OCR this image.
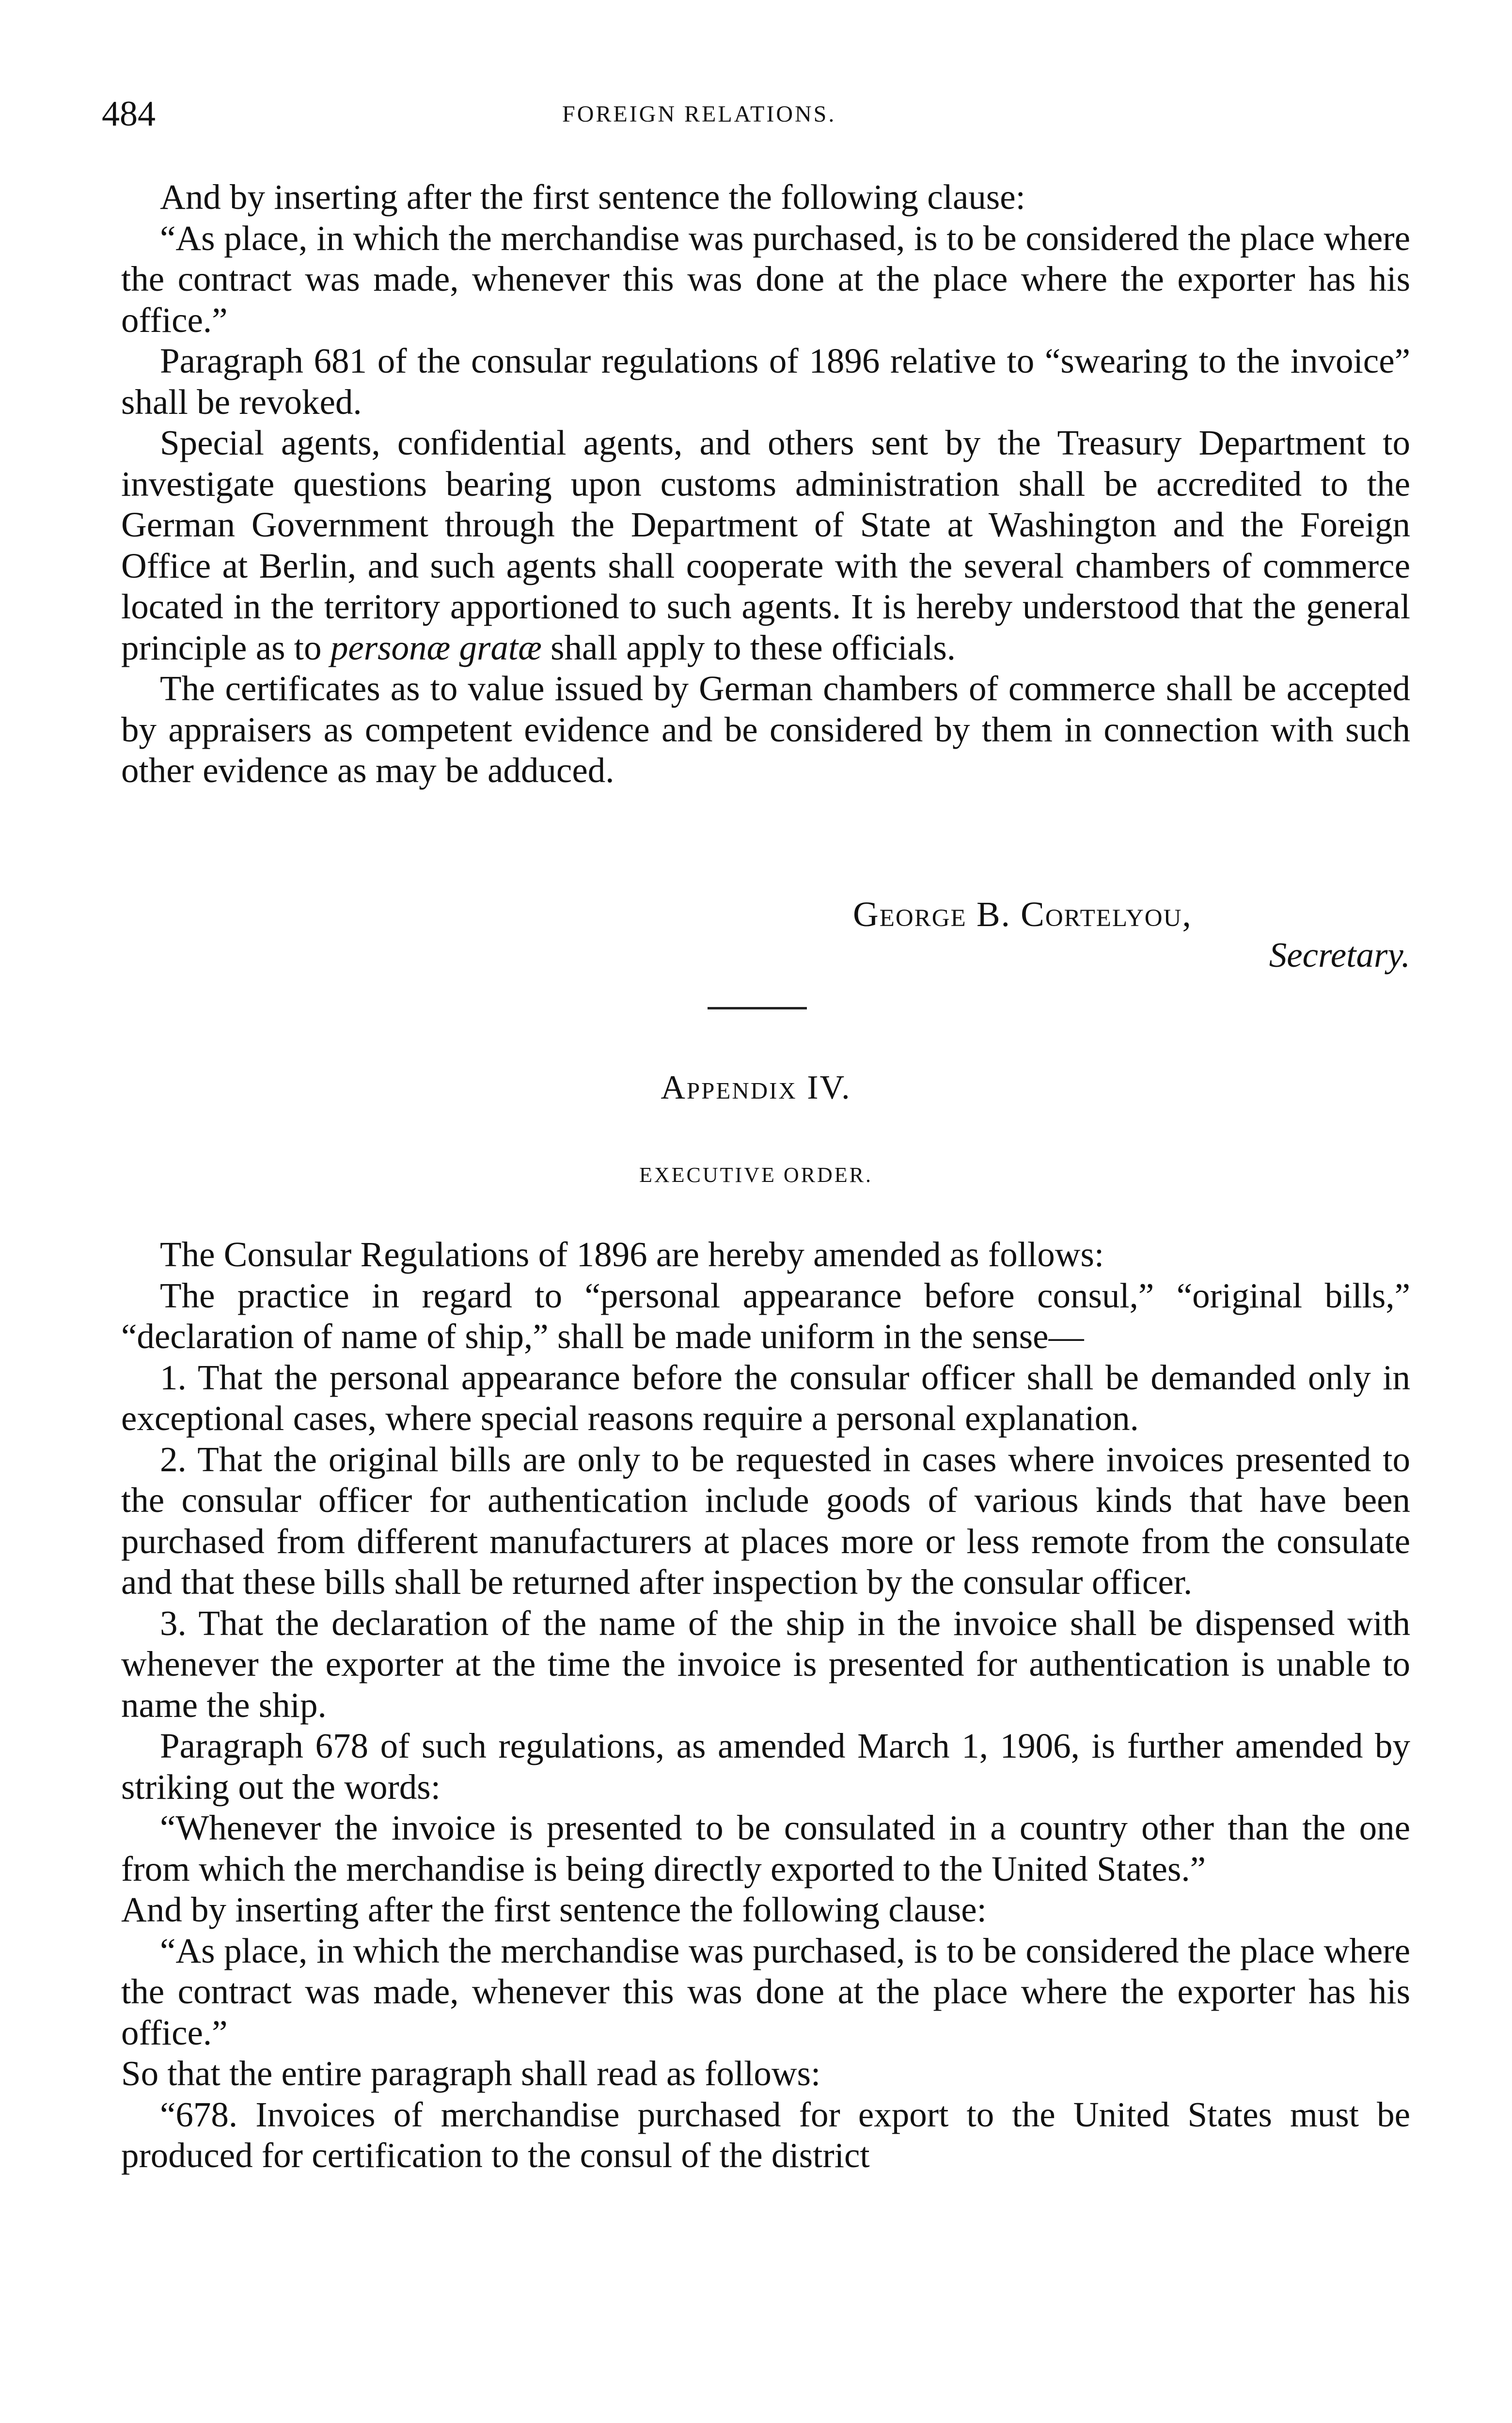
484	FOREIGN RELATIONS.

And by inserting after the first sentence the following clause:

“As place, in which the merchandise was purchased, is to be considered the place where the contract was made, whenever this was done at the place where the exporter has his office.”

Paragraph 681 of the consular regulations of 1896 relative to “swearing to the invoice” shall be revoked.

Special agents, confidential agents, and others sent by the Treasury Department to investigate questions bearing upon customs administration shall be accredited to the German Government through the Department of State at Washington and the Foreign Office at Berlin, and such agents shall cooperate with the several chambers of commerce located in the territory apportioned to such agents. It is hereby understood that the general principle as to personæ gratæ shall apply to these officials.

The certificates as to value issued by German chambers of commerce shall be accepted by appraisers as competent evidence and be considered by them in connection with such other evidence as may be adduced.

George B. Cortelyou,
Secretary.
Appendix IV.
EXECUTIVE ORDER.

The Consular Regulations of 1896 are hereby amended as follows:

The practice in regard to “personal appearance before consul,” “original bills,” “declaration of name of ship,” shall be made uniform in the sense—

1. That the personal appearance before the consular officer shall be demanded only in exceptional cases, where special reasons require a personal explanation.

2. That the original bills are only to be requested in cases where invoices presented to the consular officer for authentication include goods of various kinds that have been purchased from different manufacturers at places more or less remote from the consulate and that these bills shall be returned after inspection by the consular officer.

3. That the declaration of the name of the ship in the invoice shall be dispensed with whenever the exporter at the time the invoice is presented for authentication is unable to name the ship.

Paragraph 678 of such regulations, as amended March 1, 1906, is further amended by striking out the words:

“Whenever the invoice is presented to be consulated in a country other than the one from which the merchandise is being directly exported to the United States.”

And by inserting after the first sentence the following clause:

“As place, in which the merchandise was purchased, is to be considered the place where the contract was made, whenever this was done at the place where the exporter has his office.”

So that the entire paragraph shall read as follows:

“678. Invoices of merchandise purchased for export to the United States must be produced for certification to the consul of the district
